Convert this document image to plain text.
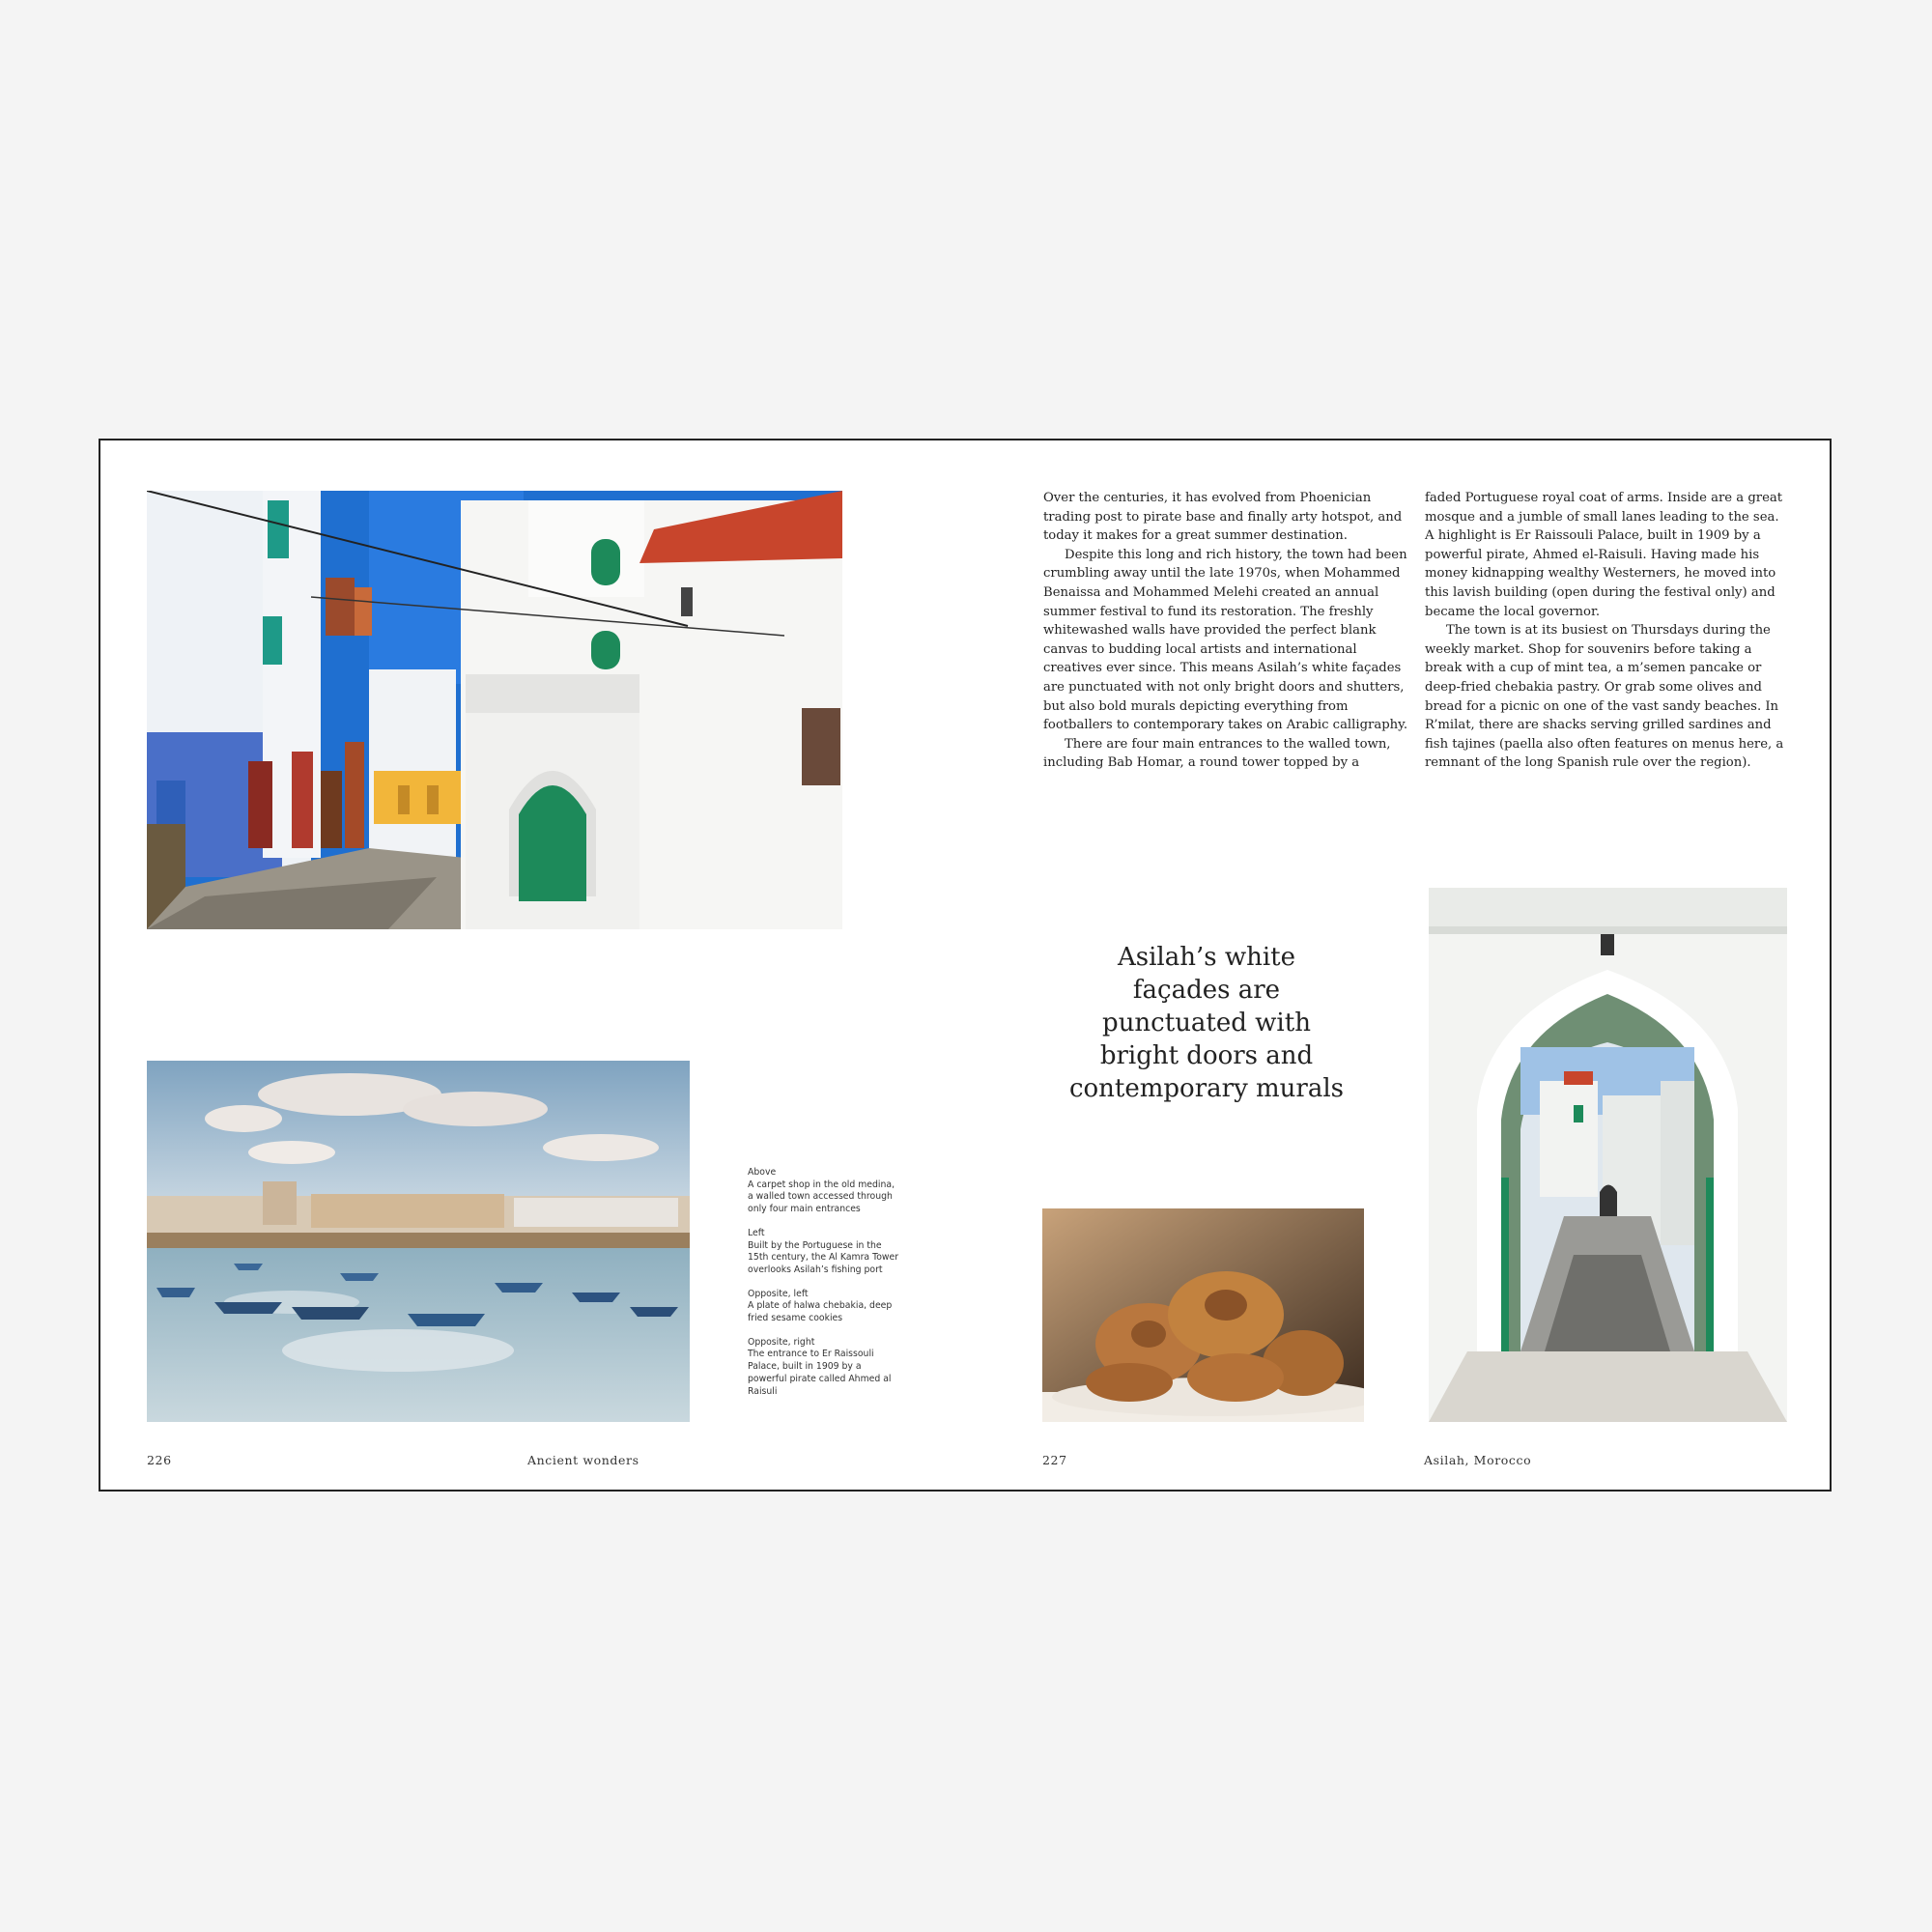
Over the centuries, it has evolved from Phoenician trading post to pirate base and finally arty hotspot, and today it makes for a great summer destination.

Despite this long and rich history, the town had been crumbling away until the late 1970s, when Mohammed Benaissa and Mohammed Melehi created an annual summer festival to fund its restoration. The freshly whitewashed walls have provided the perfect blank canvas to budding local artists and international creatives ever since. This means Asilah’s white façades are punctuated with not only bright doors and shutters, but also bold murals depicting everything from footballers to contemporary takes on Arabic calligraphy.

There are four main entrances to the walled town, including Bab Homar, a round tower topped by a

faded Portuguese royal coat of arms. Inside are a great mosque and a jumble of small lanes leading to the sea. A highlight is Er Raissouli Palace, built in 1909 by a powerful pirate, Ahmed el-Raisuli. Having made his money kidnapping wealthy Westerners, he moved into this lavish building (open during the festival only) and became the local governor.

The town is at its busiest on Thursdays during the weekly market. Shop for souvenirs before taking a break with a cup of mint tea, a m’semen pancake or deep-fried chebakia pastry. Or grab some olives and bread for a picnic on one of the vast sandy beaches. In R’milat, there are shacks serving grilled sardines and fish tajines (paella also often features on menus here, a remnant of the long Spanish rule over the region).

Asilah’s white façades are punctuated with bright doors and contemporary murals
Above
A carpet shop in the old medina, a walled town accessed through only four main entrances
Left
Built by the Portuguese in the 15th century, the Al Kamra Tower overlooks Asilah’s fishing port
Opposite, left
A plate of halwa chebakia, deep fried sesame cookies
Opposite, right
The entrance to Er Raissouli Palace, built in 1909 by a powerful pirate called Ahmed al Raisuli
226	Ancient wonders	227	Asilah, Morocco
